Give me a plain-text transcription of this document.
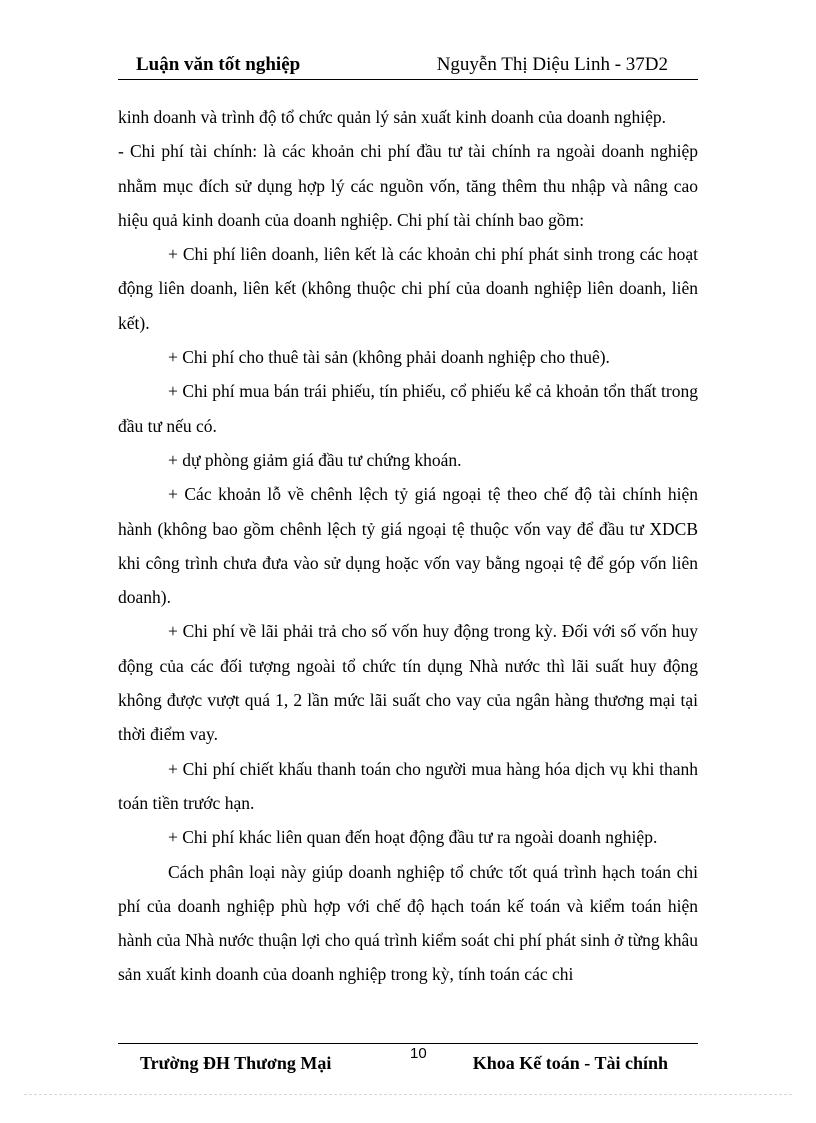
Luận văn tốt nghiệp	Nguyễn Thị Diệu Linh - 37D2

kinh doanh và trình độ tổ chức quản lý sản xuất kinh doanh của doanh nghiệp.

- Chi phí tài chính: là các khoản chi phí đầu tư tài chính ra ngoài doanh nghiệp nhằm mục đích sử dụng hợp lý các nguồn vốn, tăng thêm thu nhập và nâng cao hiệu quả kinh doanh của doanh nghiệp. Chi phí tài chính bao gồm:

+ Chi phí liên doanh, liên kết là các khoản chi phí phát sinh trong các hoạt động liên doanh, liên kết (không thuộc chi phí của doanh nghiệp liên doanh, liên kết).

+ Chi phí cho thuê tài sản (không phải doanh nghiệp cho thuê).

+ Chi phí mua bán trái phiếu, tín phiếu, cổ phiếu kể cả khoản tổn thất trong đầu tư nếu có.

+ dự phòng giảm giá đầu tư chứng khoán.

+ Các khoản lỗ về chênh lệch tỷ giá ngoại tệ theo chế độ tài chính hiện hành (không bao gồm chênh lệch tỷ giá ngoại tệ thuộc vốn vay để đầu tư XDCB khi công trình chưa đưa vào sử dụng hoặc vốn vay bằng ngoại tệ để góp vốn liên doanh).

+ Chi phí về lãi phải trả cho số vốn huy động trong kỳ. Đối với số vốn huy động của các đối tượng ngoài tổ chức tín dụng Nhà nước thì lãi suất huy động không được vượt quá 1, 2 lần mức lãi suất cho vay của ngân hàng thương mại tại thời điểm vay.

+ Chi phí chiết khấu thanh toán cho người mua hàng hóa dịch vụ khi thanh toán tiền trước hạn.

+ Chi phí khác liên quan đến hoạt động đầu tư ra ngoài doanh nghiệp.

Cách phân loại này giúp doanh nghiệp tổ chức tốt quá trình hạch toán chi phí của doanh nghiệp phù hợp với chế độ hạch toán kế toán và kiểm toán hiện hành của Nhà nước thuận lợi cho quá trình kiểm soát chi phí phát sinh ở từng khâu sản xuất kinh doanh của doanh nghiệp trong kỳ, tính toán các chi

Trường ĐH Thương Mại	10	Khoa Kế toán - Tài chính
